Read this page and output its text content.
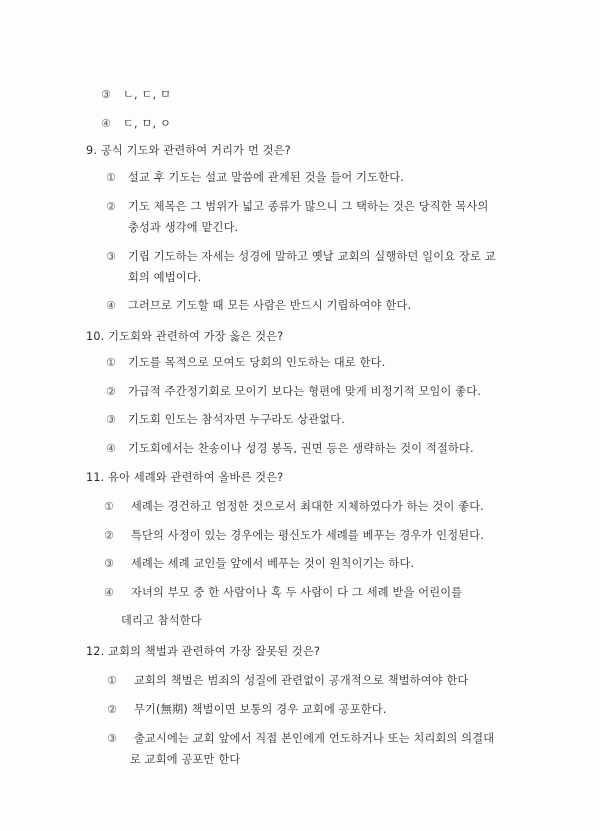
③ ㄴ, ㄷ, ㅁ
④ ㄷ, ㅁ, ㅇ
9. 공식 기도와 관련하여 거리가 먼 것은?
① 설교 후 기도는 설교 말씀에 관계된 것을 들어 기도한다.
② 기도 제목은 그 범위가 넓고 종류가 많으니 그 택하는 것은 당직한 목사의
충성과 생각에 맡긴다.
③ 기립 기도하는 자세는 성경에 말하고 옛날 교회의 실행하던 일이요 장로 교
회의 예법이다.
④ 그러므로 기도할 때 모든 사람은 반드시 기립하여야 한다.
10. 기도회와 관련하여 가장 옳은 것은?
① 기도를 목적으로 모여도 당회의 인도하는 대로 한다.
② 가급적 주간정기회로 모이기 보다는 형편에 맞게 비정기적 모임이 좋다.
③ 기도회 인도는 참석자면 누구라도 상관없다.
④ 기도회에서는 찬송이나 성경 봉독, 권면 등은 생략하는 것이 적절하다.
11. 유아 세례와 관련하여 올바른 것은?
① 세례는 경건하고 엄정한 것으로서 최대한 지체하였다가 하는 것이 좋다.
② 특단의 사정이 있는 경우에는 평신도가 세례를 베푸는 경우가 인정된다.
③ 세례는 세례 교인들 앞에서 베푸는 것이 원칙이기는 하다.
④ 자녀의 부모 중 한 사람이나 혹 두 사람이 다 그 세례 받을 어린이를
데리고 참석한다
12. 교회의 책벌과 관련하여 가장 잘못된 것은?
① 교회의 책벌은 범죄의 성질에 관련없이 공개적으로 책벌하여야 한다
② 무기(無期) 책벌이면 보통의 경우 교회에 공포한다.
③ 출교시에는 교회 앞에서 직접 본인에게 언도하거나 또는 치리회의 의결대
로 교회에 공포만 한다
